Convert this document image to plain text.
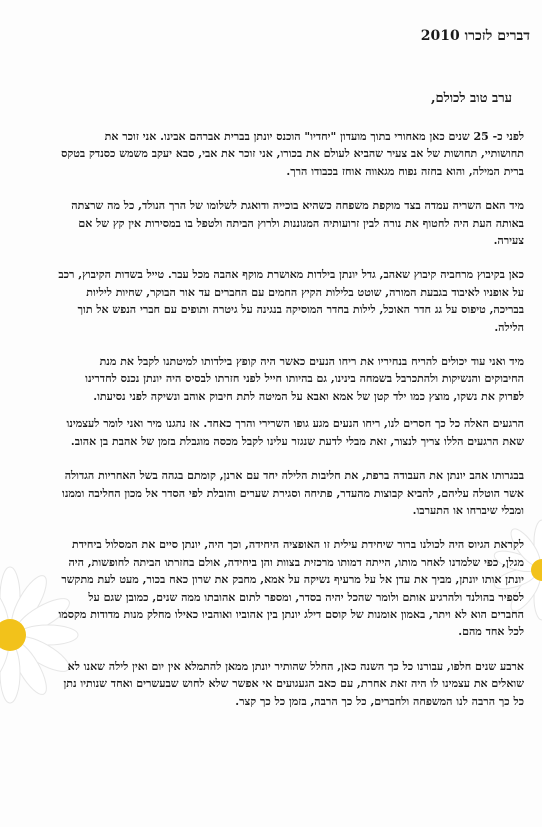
דברים לזכרו 2010
ערב טוב לכולם,

לפני כ- 25 שנים כאן מאחורי בתוך מועדון "יחדיו" הוכנס יונתן בברית אברהם אבינו. אני זוכר את תחושותיי, תחושות של אב צעיר שהביא לעולם את בכורו, אני זוכר את אבי, סבא יעקב משמש כסנדק בטקס ברית המילה, והוא בחזה נפוח מגאווה אוחז בכבודו הרך.

מיד האם השריה עמדה בצד מוקפת משפחה כשהיא בוכייה ודואגת לשלומו של הרך הנולד, כל מה שרצתה באותה העת היה לחטוף את נורה לבין זרועותיה המגוננות ולרוץ הביתה ולטפל בו במסירות אין קץ של אם צעירה.

כאן בקיבוץ מרחביה קיבוץ שאהב, גדל יונתן בילדות מאושרת מוקף אהבה מכל עבר. טייל בשדות הקיבוץ, רכב על אופניו לאיבוד בגבעת המורה, שוטט בלילות הקיץ החמים עם החברים עד אור הבוקר, שחיות ליליות בבריכה, טיפוס על גג חדר האוכל, לילות בחדר המוסיקה בנגינה על גיטרה ותופים עם חברי הנפש אל תוך הלילה.

מיד ואני עוד יכולים להריח בנחיריו את ריחו הנעים כאשר היה קופץ בילדותו למיטתנו לקבל את מנת החיבוקים והנשיקות ולהתכרבל בשמחה בינינו, גם בהיותו חייל לפני חזרתו לבסיס היה יונתן נכנס לחדרינו לפרוק את נשקו, מוצץ כמו ילד קטן של אמא ואבא על המיטה לתת חיבוק אוהב ונשיקה לפני נסיעתו.

הרגעים האלה כל כך חסרים לנו, ריחו הנעים מגע גופו השרירי והרך כאחד. אז נהגנו מיר ואני לומר לעצמינו שאת הרגעים הללו צריך לנצור, זאת מבלי לדעת שנגזר עלינו לקבל מכסה מוגבלת בזמן של אהבת בן אהוב.

בבגרותו אהב יונתן את העבודה ברפת, את חליבות הלילה יחד עם ארנן, קומתם בגהה בשל האחריות הגדולה אשר הוטלה עליהם, להביא קבוצות מהעדר, פתיחה וסגירת שערים והובלת לפי הסדר אל מכון החליבה וממנו ומבלי שיברחו או התערבו.

לקראת הגיוס היה לכולנו ברור שיחידת עילית זו האופציה היחידה, וכך היה, יונתן סיים את המסלול ביחידת מגלן, כפי שלמדנו לאחר מותו, הייתה דמותו מרכזית בצוות והן ביחידה, אולם בחזרתו הביתה לחופשות, היה יונתן אותו יונתן, מביך את עדן אל על מרעיף נשיקה על אמא, מחבק את שרון כאח בכור, מעט לעת מתקשר לספיר בהולנד ולהרגיע אותם ולומר שהכל יהיה בסדר, ומספר לתום אהובתו ממה שנים, כמובן שגם על החברים הוא לא ויתר, באמון אומנות של קוסם דילג יונתן בין אהוביו ואוהביו כאילו מחלק מנות מדודות מקסמו לכל אחד מהם.

ארבע שנים חלפו, עבורנו כל כך השנה כאן, החלל שהותיר יונתן ממאן להתמלא אין יום ואין לילה שאנו לא שואלים את עצמינו לו היה זאת אחרת, עם כאב הגעגועים אי אפשר שלא לחוש שבעשרים ואחד שנותיו נתן כל כך הרבה לנו המשפחה ולחברים, כל כך הרבה, בזמן כל כך קצר.
